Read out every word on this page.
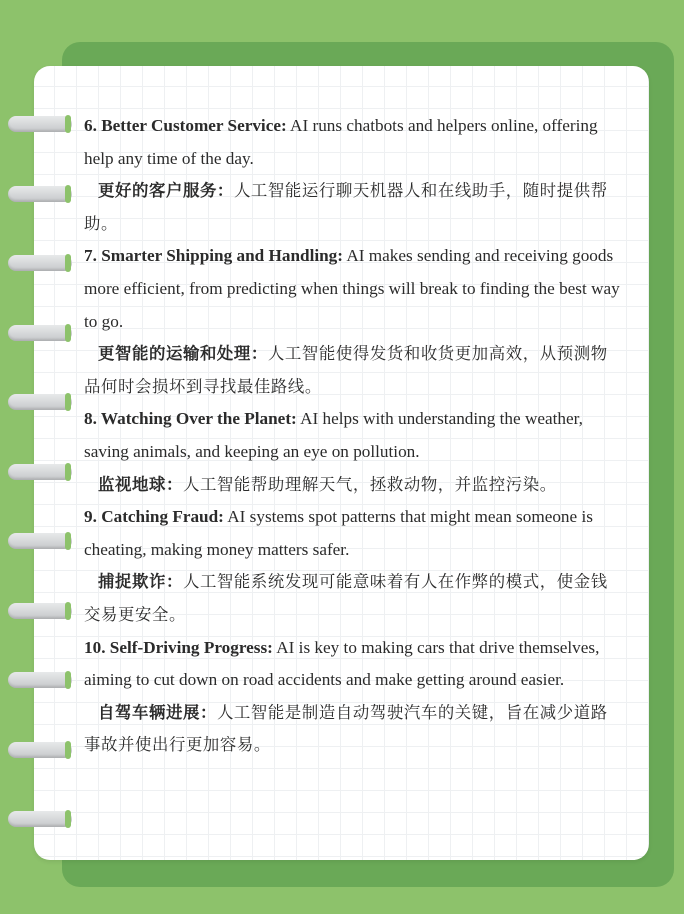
6. Better Customer Service: AI runs chatbots and helpers online, offering help any time of the day.

更好的客户服务：人工智能运行聊天机器人和在线助手，随时提供帮助。

7. Smarter Shipping and Handling: AI makes sending and receiving goods more efficient, from predicting when things will break to finding the best way to go.

更智能的运输和处理：人工智能使得发货和收货更加高效，从预测物品何时会损坏到寻找最佳路线。

8. Watching Over the Planet: AI helps with understanding the weather, saving animals, and keeping an eye on pollution.

监视地球：人工智能帮助理解天气，拯救动物，并监控污染。

9. Catching Fraud: AI systems spot patterns that might mean someone is cheating, making money matters safer.

捕捉欺诈：人工智能系统发现可能意味着有人在作弊的模式，使金钱交易更安全。

10. Self-Driving Progress: AI is key to making cars that drive themselves, aiming to cut down on road accidents and make getting around easier.

自驾车辆进展：人工智能是制造自动驾驶汽车的关键，旨在减少道路事故并使出行更加容易。
